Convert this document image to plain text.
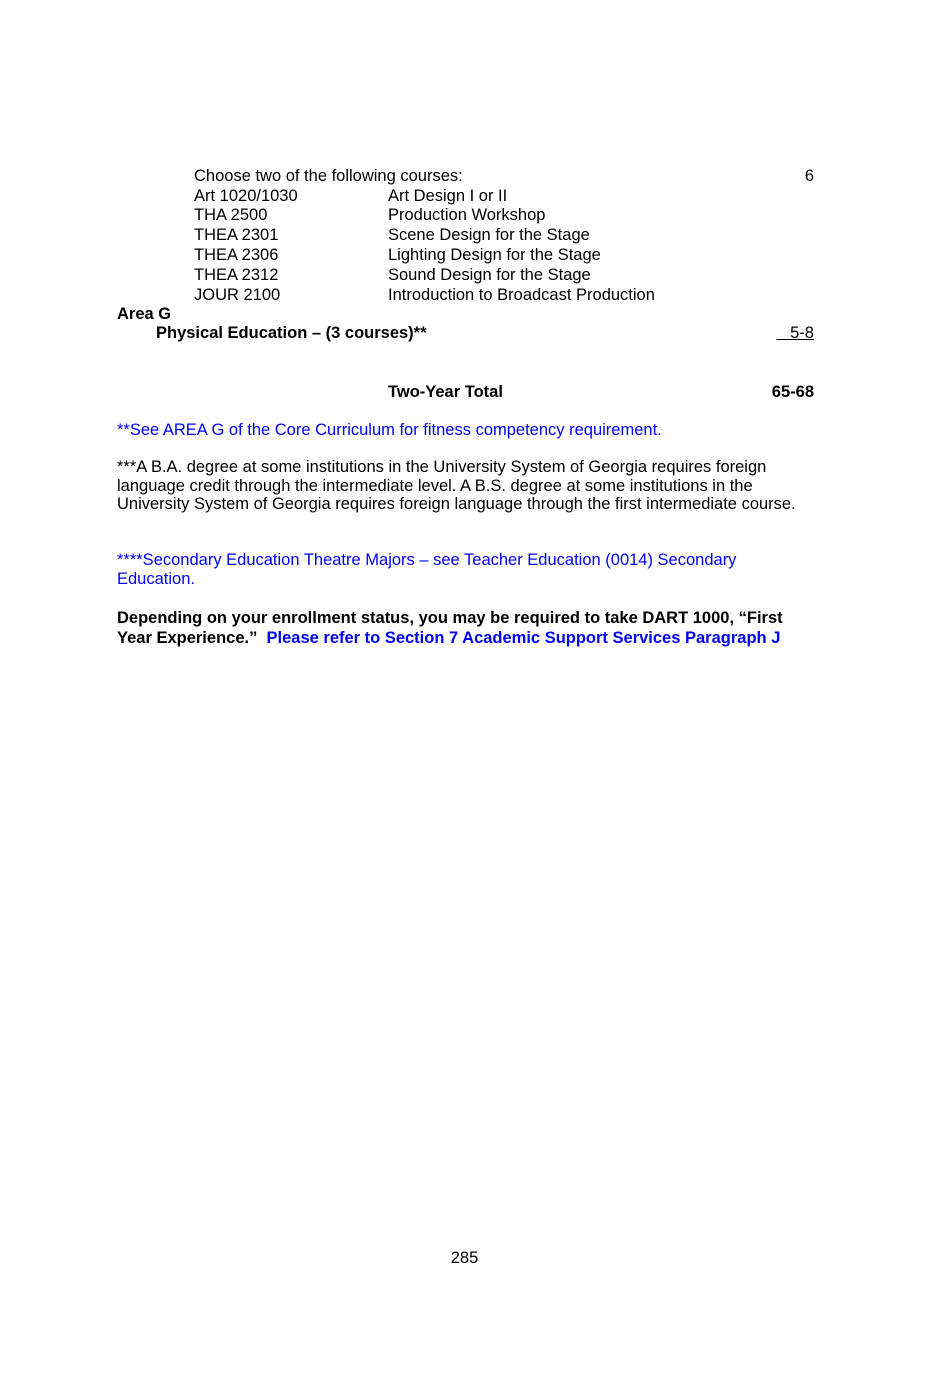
Choose two of the following courses:	6
Art 1020/1030	Art Design I or II
THA 2500	Production Workshop
THEA 2301	Scene Design for the Stage
THEA 2306	Lighting Design for the Stage
THEA 2312	Sound Design for the Stage
JOUR 2100	Introduction to Broadcast Production
Area G
Physical Education – (3 courses)**	5-8
Two-Year Total	65-68
**See AREA G of the Core Curriculum for fitness competency requirement.
***A B.A. degree at some institutions in the University System of Georgia requires foreign language credit through the intermediate level. A B.S. degree at some institutions in the University System of Georgia requires foreign language through the first intermediate course.
****Secondary Education Theatre Majors – see Teacher Education (0014) Secondary Education.
Depending on your enrollment status, you may be required to take DART 1000, “First Year Experience.” Please refer to Section 7 Academic Support Services Paragraph J
285
